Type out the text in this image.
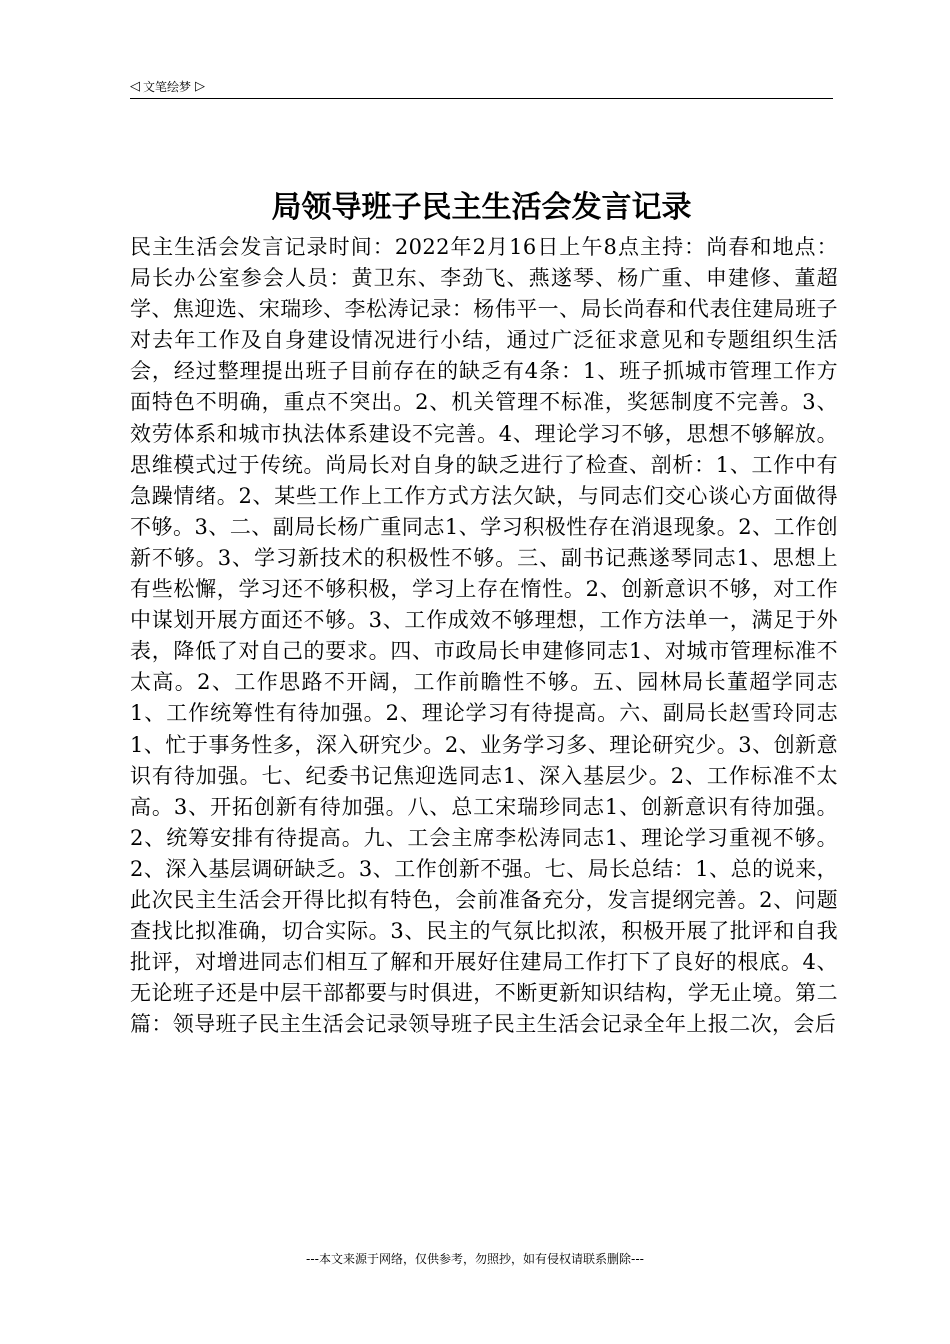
◁ 文笔绘梦 ▷
局领导班子民主生活会发言记录

民主生活会发言记录时间：2022年2月16日上午8点主持：尚春和地点：局长办公室参会人员：黄卫东、李劲飞、燕遂琴、杨广重、申建修、董超学、焦迎选、宋瑞珍、李松涛记录：杨伟平一、局长尚春和代表住建局班子对去年工作及自身建设情况进行小结，通过广泛征求意见和专题组织生活会，经过整理提出班子目前存在的缺乏有4条：1、班子抓城市管理工作方面特色不明确，重点不突出。2、机关管理不标准，奖惩制度不完善。3、效劳体系和城市执法体系建设不完善。4、理论学习不够，思想不够解放。思维模式过于传统。尚局长对自身的缺乏进行了检查、剖析：1、工作中有急躁情绪。2、某些工作上工作方式方法欠缺，与同志们交心谈心方面做得不够。3、二、副局长杨广重同志1、学习积极性存在消退现象。2、工作创新不够。3、学习新技术的积极性不够。三、副书记燕遂琴同志1、思想上有些松懈，学习还不够积极，学习上存在惰性。2、创新意识不够，对工作中谋划开展方面还不够。3、工作成效不够理想，工作方法单一，满足于外表，降低了对自己的要求。四、市政局长申建修同志1、对城市管理标准不太高。2、工作思路不开阔，工作前瞻性不够。五、园林局长董超学同志1、工作统筹性有待加强。2、理论学习有待提高。六、副局长赵雪玲同志1、忙于事务性多，深入研究少。2、业务学习多、理论研究少。3、创新意识有待加强。七、纪委书记焦迎选同志1、深入基层少。2、工作标准不太高。3、开拓创新有待加强。八、总工宋瑞珍同志1、创新意识有待加强。2、统筹安排有待提高。九、工会主席李松涛同志1、理论学习重视不够。2、深入基层调研缺乏。3、工作创新不强。七、局长总结：1、总的说来，此次民主生活会开得比拟有特色，会前准备充分，发言提纲完善。2、问题查找比拟准确，切合实际。3、民主的气氛比拟浓，积极开展了批评和自我批评，对增进同志们相互了解和开展好住建局工作打下了良好的根底。4、无论班子还是中层干部都要与时俱进，不断更新知识结构，学无止境。第二篇：领导班子民主生活会记录领导班子民主生活会记录全年上报二次，会后

---本文来源于网络，仅供参考，勿照抄，如有侵权请联系删除---
